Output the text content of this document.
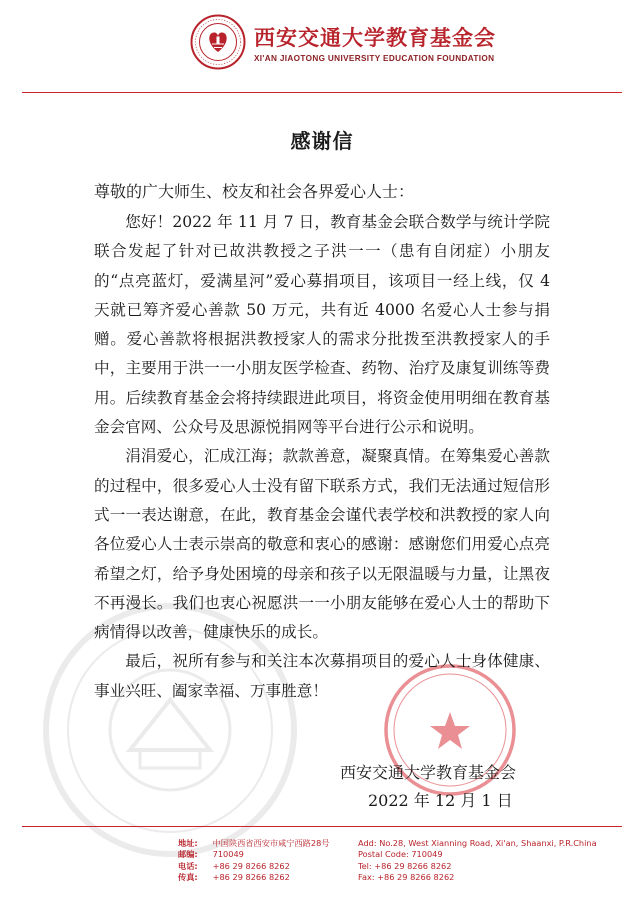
西安交通大学教育基金会
XI'AN JIAOTONG UNIVERSITY EDUCATION FOUNDATION
感谢信
尊敬的广大师生、校友和社会各界爱心人士：

您好！2022 年 11 月 7 日，教育基金会联合数学与统计学院联合发起了针对已故洪教授之子洪一一（患有自闭症）小朋友的“点亮蓝灯，爱满星河”爱心募捐项目，该项目一经上线，仅 4 天就已筹齐爱心善款 50 万元，共有近 4000 名爱心人士参与捐赠。爱心善款将根据洪教授家人的需求分批拨至洪教授家人的手中，主要用于洪一一小朋友医学检查、药物、治疗及康复训练等费用。后续教育基金会将持续跟进此项目，将资金使用明细在教育基金会官网、公众号及思源悦捐网等平台进行公示和说明。

涓涓爱心，汇成江海；款款善意，凝聚真情。在筹集爱心善款的过程中，很多爱心人士没有留下联系方式，我们无法通过短信形式一一表达谢意，在此，教育基金会谨代表学校和洪教授的家人向各位爱心人士表示崇高的敬意和衷心的感谢：感谢您们用爱心点亮希望之灯，给予身处困境的母亲和孩子以无限温暖与力量，让黑夜不再漫长。我们也衷心祝愿洪一一小朋友能够在爱心人士的帮助下病情得以改善，健康快乐的成长。

最后，祝所有参与和关注本次募捐项目的爱心人士身体健康、事业兴旺、阖家幸福、万事胜意！

西安交通大学教育基金会
2022 年 12 月 1 日
地址: 中国陕西省西安市咸宁西路28号
邮编: 710049
电话: +86 29 8266 8262
传真: +86 29 8266 8262
Add: No.28, West Xianning Road, Xi'an, Shaanxi, P.R.China
Postal Code: 710049
Tel: +86 29 8266 8262
Fax: +86 29 8266 8262
